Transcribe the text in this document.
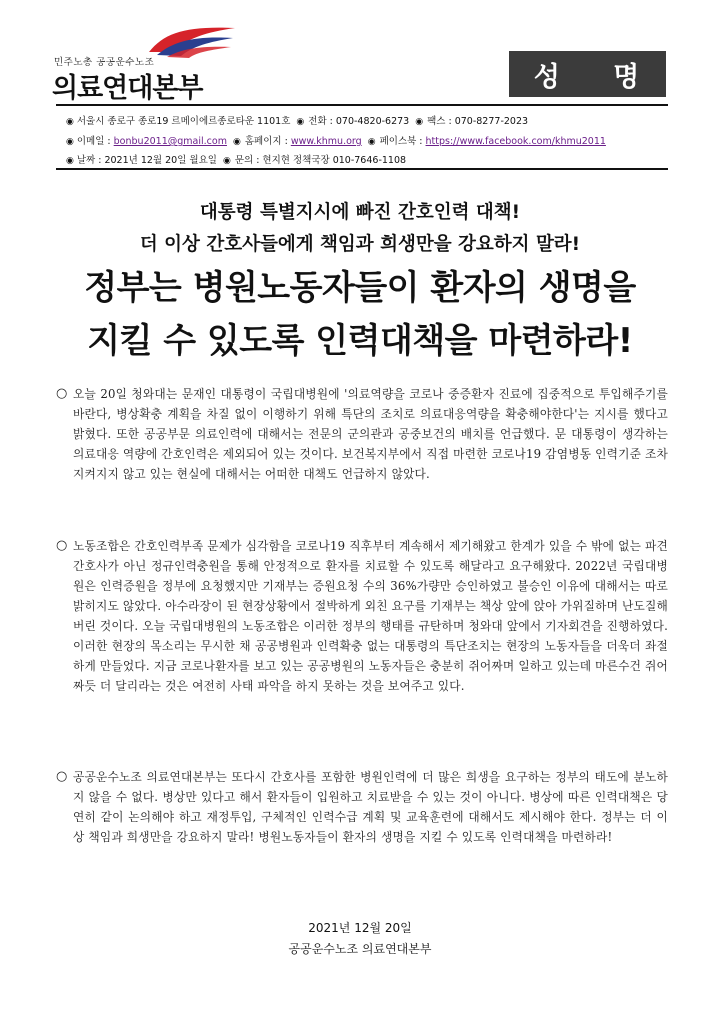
민주노총 공공운수노조
의료연대본부	성 명
◉ 서울시 종로구 종로19 르메이에르종로타운 1101호 ◉ 전화 : 070-4820-6273 ◉ 팩스 : 070-8277-2023
◉ 이메일 : bonbu2011@gmail.com ◉ 홈페이지 : www.khmu.org ◉ 페이스북 : https://www.facebook.com/khmu2011
◉ 날짜 : 2021년 12월 20일 월요일 ◉ 문의 : 현지현 정책국장 010-7646-1108
대통령 특별지시에 빠진 간호인력 대책!
더 이상 간호사들에게 책임과 희생만을 강요하지 말라!
정부는 병원노동자들이 환자의 생명을
지킬 수 있도록 인력대책을 마련하라!
○ 오늘 20일 청와대는 문재인 대통령이 국립대병원에 '의료역량을 코로나 중증환자 진료에 집중적으로 투입해주기를 바란다, 병상확충 계획을 차질 없이 이행하기 위해 특단의 조치로 의료대응역량을 확충해야한다'는 지시를 했다고 밝혔다. 또한 공공부문 의료인력에 대해서는 전문의 군의관과 공중보건의 배치를 언급했다. 문 대통령이 생각하는 의료대응 역량에 간호인력은 제외되어 있는 것이다. 보건복지부에서 직접 마련한 코로나19 감염병동 인력기준 조차 지켜지지 않고 있는 현실에 대해서는 어떠한 대책도 언급하지 않았다.
○ 노동조합은 간호인력부족 문제가 심각함을 코로나19 직후부터 계속해서 제기해왔고 한계가 있을 수 밖에 없는 파견간호사가 아닌 정규인력충원을 통해 안정적으로 환자를 치료할 수 있도록 해달라고 요구해왔다. 2022년 국립대병원은 인력증원을 정부에 요청했지만 기재부는 증원요청 수의 36%가량만 승인하였고 불승인 이유에 대해서는 따로 밝히지도 않았다. 아수라장이 된 현장상황에서 절박하게 외친 요구를 기재부는 책상 앞에 앉아 가위질하며 난도질해버린 것이다. 오늘 국립대병원의 노동조합은 이러한 정부의 행태를 규탄하며 청와대 앞에서 기자회견을 진행하였다. 이러한 현장의 목소리는 무시한 채 공공병원과 인력확충 없는 대통령의 특단조치는 현장의 노동자들을 더욱더 좌절하게 만들었다. 지금 코로나환자를 보고 있는 공공병원의 노동자들은 충분히 쥐어짜며 일하고 있는데 마른수건 쥐어짜듯 더 달리라는 것은 여전히 사태 파악을 하지 못하는 것을 보여주고 있다.
○ 공공운수노조 의료연대본부는 또다시 간호사를 포함한 병원인력에 더 많은 희생을 요구하는 정부의 태도에 분노하지 않을 수 없다. 병상만 있다고 해서 환자들이 입원하고 치료받을 수 있는 것이 아니다. 병상에 따른 인력대책은 당연히 같이 논의해야 하고 재정투입, 구체적인 인력수급 계획 및 교육훈련에 대해서도 제시해야 한다. 정부는 더 이상 책임과 희생만을 강요하지 말라! 병원노동자들이 환자의 생명을 지킬 수 있도록 인력대책을 마련하라!
2021년 12월 20일
공공운수노조 의료연대본부
